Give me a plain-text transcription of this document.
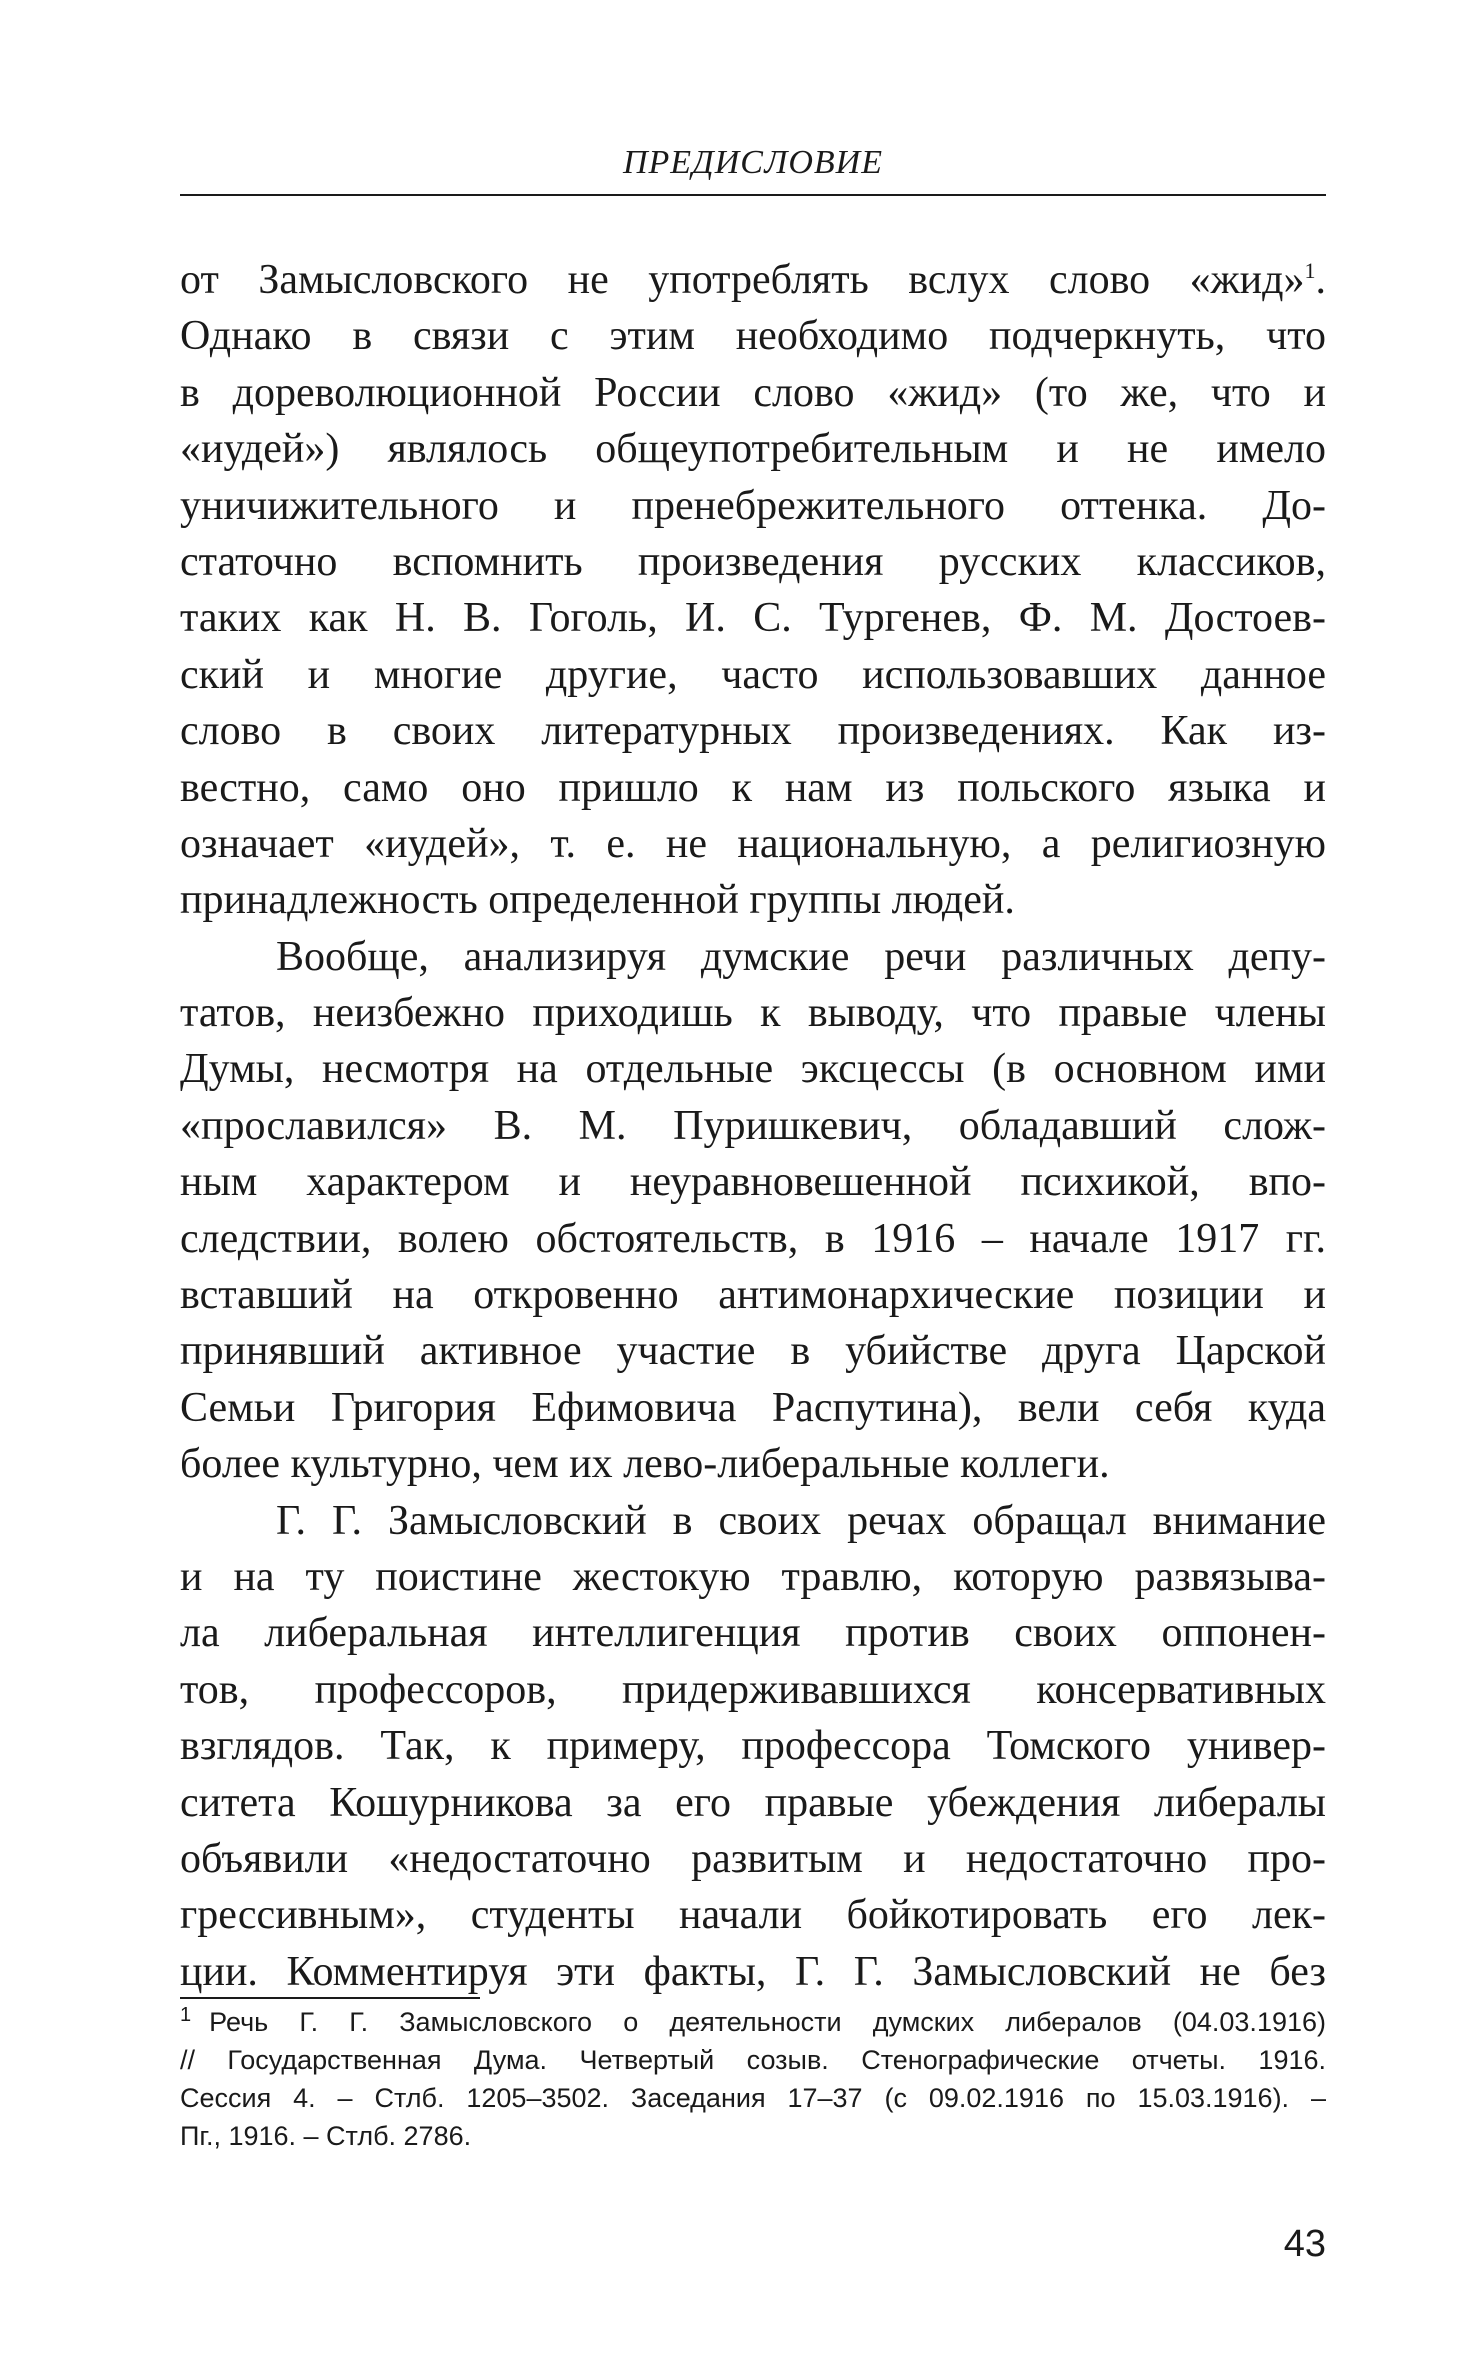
ПРЕДИСЛОВИЕ
от Замысловского не употреблять вслух слово «жид»$^1$.
Однако в связи с этим необходимо подчеркнуть, что
в дореволюционной России слово «жид» (то же, что и
«иудей») являлось общеупотребительным и не имело
уничижительного и пренебрежительного оттенка. До-
статочно вспомнить произведения русских классиков,
таких как Н. В. Гоголь, И. С. Тургенев, Ф. М. Достоев-
ский и многие другие, часто использовавших данное
слово в своих литературных произведениях. Как из-
вестно, само оно пришло к нам из польского языка и
означает «иудей», т. е. не национальную, а религиозную
принадлежность определенной группы людей.
Вообще, анализируя думские речи различных депу-
татов, неизбежно приходишь к выводу, что правые члены
Думы, несмотря на отдельные эксцессы (в основном ими
«прославился» В. М. Пуришкевич, обладавший слож-
ным характером и неуравновешенной психикой, впо-
следствии, волею обстоятельств, в 1916 – начале 1917 гг.
вставший на откровенно антимонархические позиции и
принявший активное участие в убийстве друга Царской
Семьи Григория Ефимовича Распутина), вели себя куда
более культурно, чем их лево-либеральные коллеги.
Г. Г. Замысловский в своих речах обращал внимание
и на ту поистине жестокую травлю, которую развязыва-
ла либеральная интеллигенция против своих оппонен-
тов, профессоров, придерживавшихся консервативных
взглядов. Так, к примеру, профессора Томского универ-
ситета Кошурникова за его правые убеждения либералы
объявили «недостаточно развитым и недостаточно про-
грессивным», студенты начали бойкотировать его лек-
ции. Комментируя эти факты, Г. Г. Замысловский не без
$^1$ Речь Г. Г. Замысловского о деятельности думских либералов (04.03.1916)
// Государственная Дума. Четвертый созыв. Стенографические отчеты. 1916.
Сессия 4. – Стлб. 1205–3502. Заседания 17–37 (с 09.02.1916 по 15.03.1916). –
Пг., 1916. – Стлб. 2786.
43
